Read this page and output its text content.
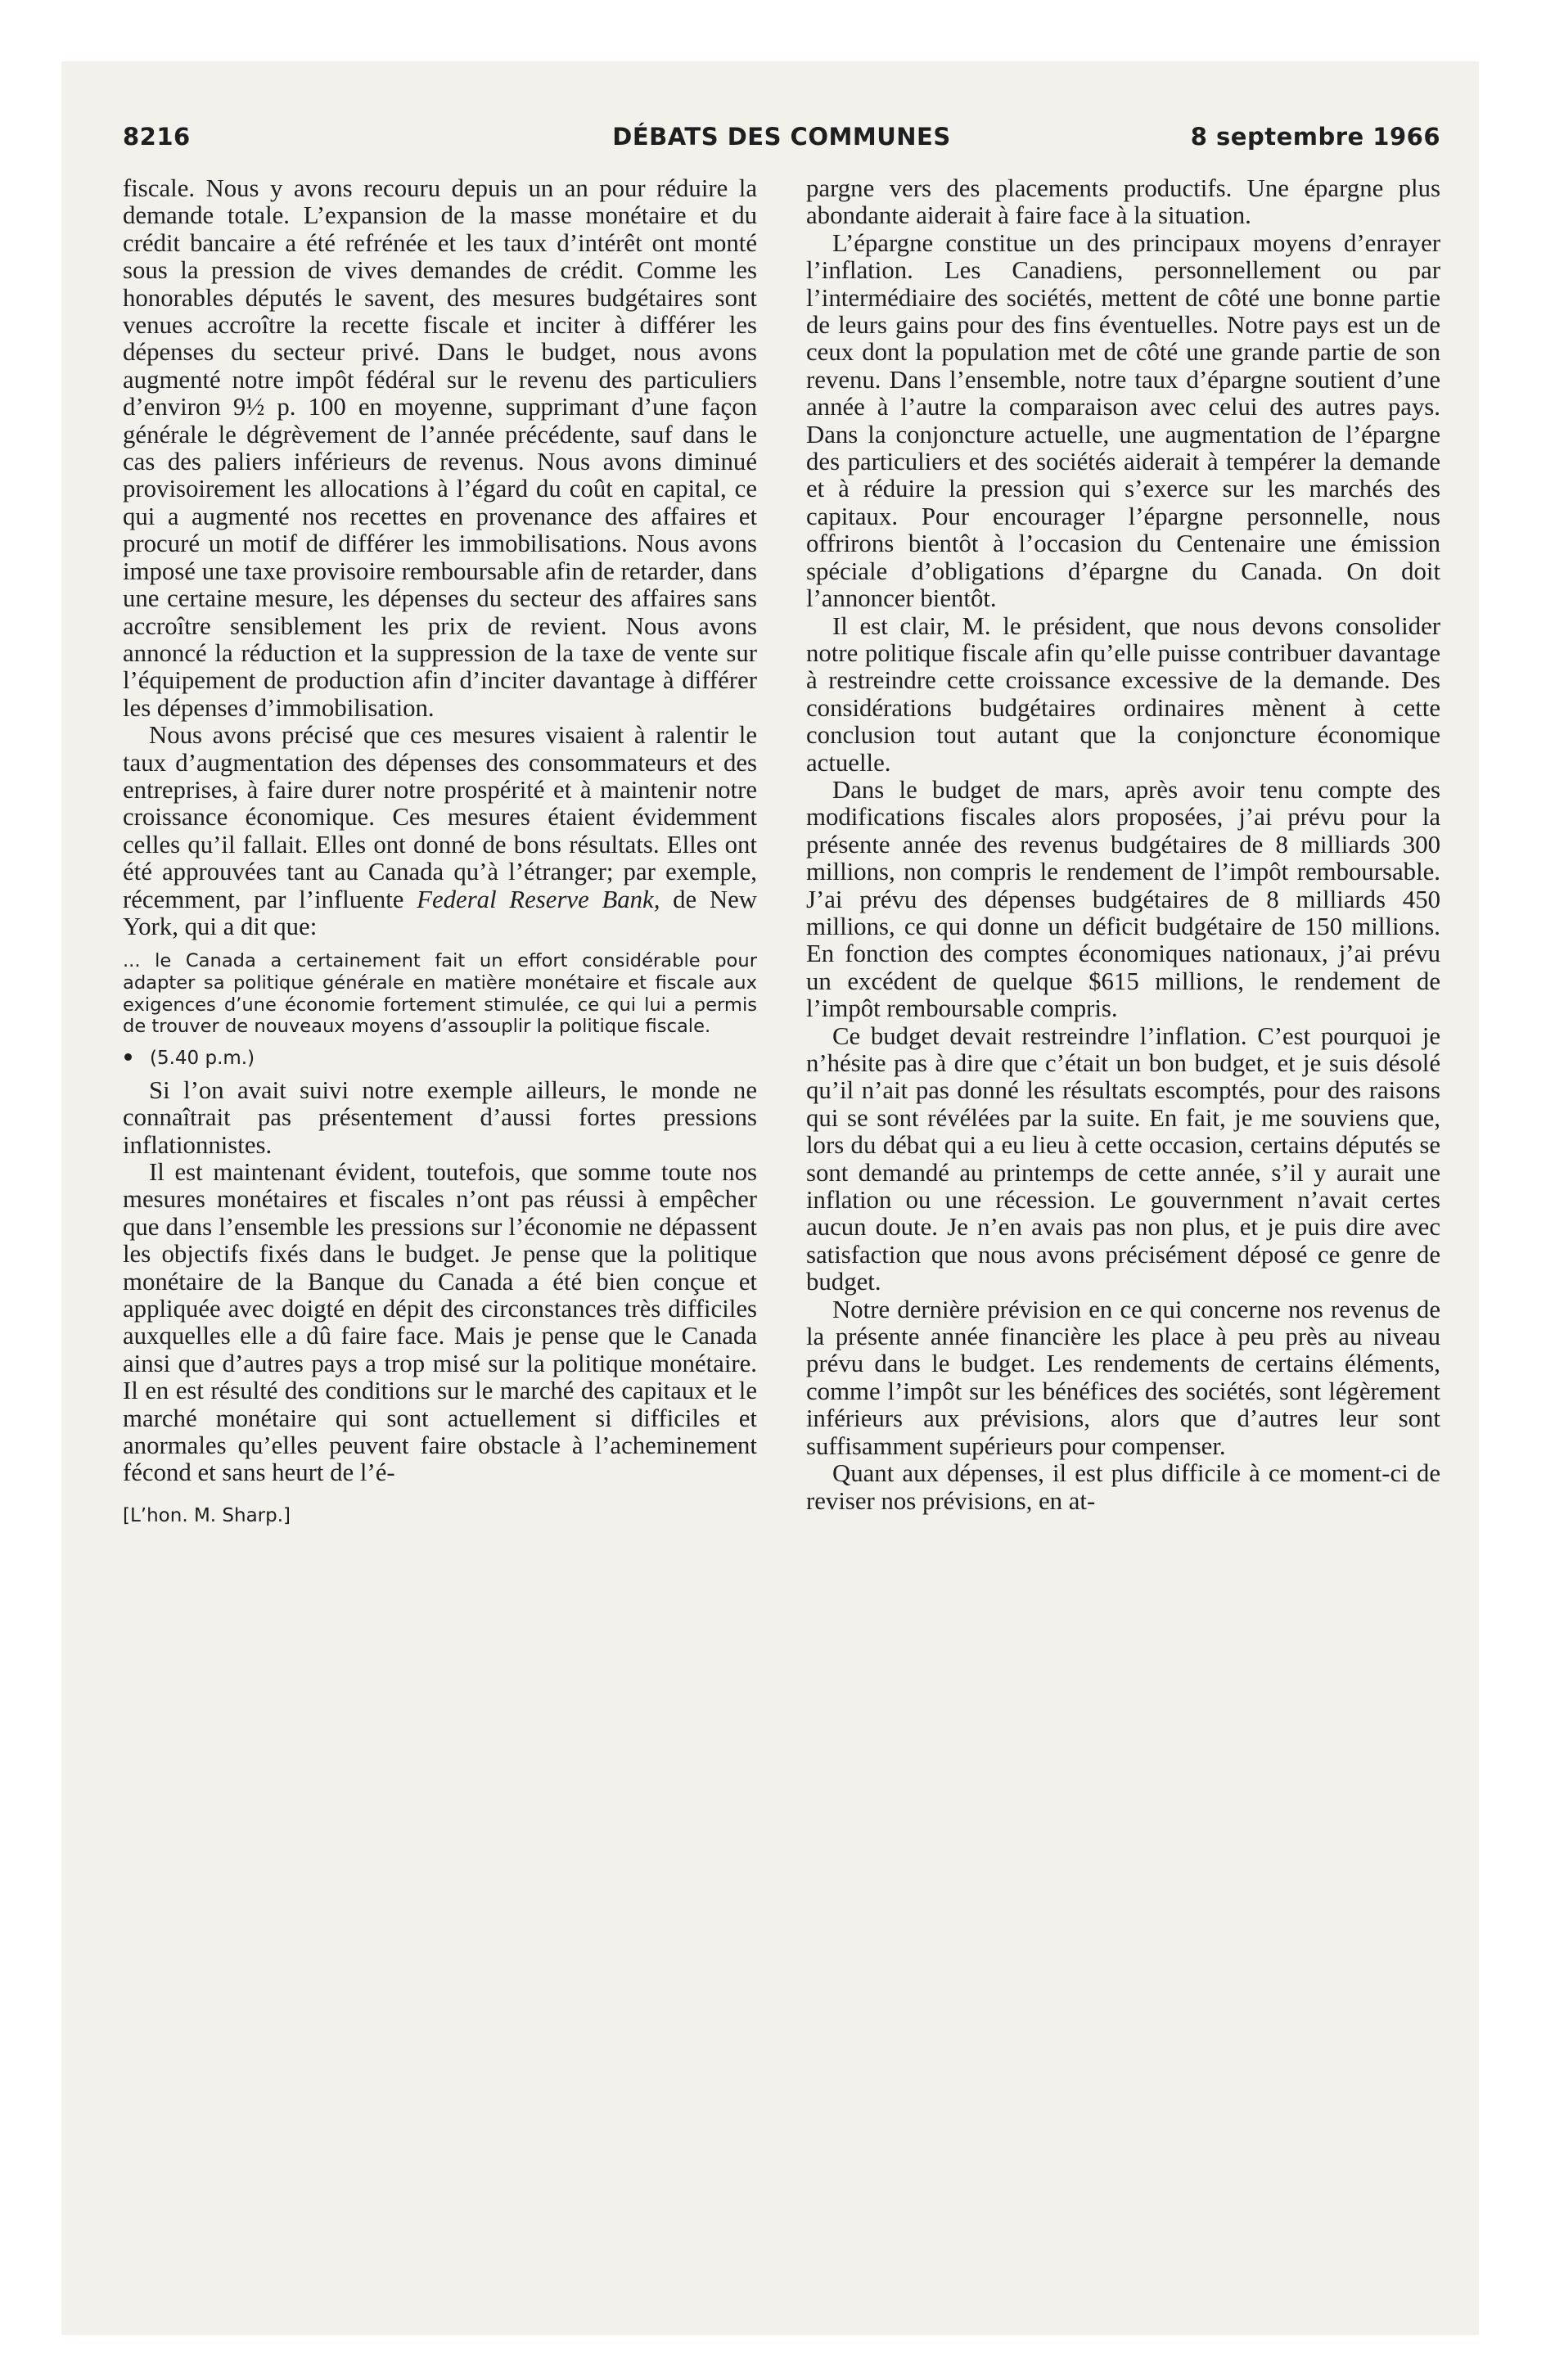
8216	DÉBATS DES COMMUNES	8 septembre 1966

fiscale. Nous y avons recouru depuis un an pour réduire la demande totale. L’expansion de la masse monétaire et du crédit bancaire a été refrénée et les taux d’intérêt ont monté sous la pression de vives demandes de crédit. Comme les honorables députés le savent, des mesures budgétaires sont venues accroître la recette fiscale et inciter à différer les dépenses du secteur privé. Dans le budget, nous avons augmenté notre impôt fédéral sur le revenu des particuliers d’environ 9½ p. 100 en moyenne, supprimant d’une façon générale le dégrèvement de l’année précédente, sauf dans le cas des paliers inférieurs de revenus. Nous avons diminué provisoirement les allocations à l’égard du coût en capital, ce qui a augmenté nos recettes en provenance des affaires et procuré un motif de différer les immobilisations. Nous avons imposé une taxe provisoire remboursable afin de retarder, dans une certaine mesure, les dépenses du secteur des affaires sans accroître sensiblement les prix de revient. Nous avons annoncé la réduction et la suppression de la taxe de vente sur l’équipement de production afin d’inciter davantage à différer les dépenses d’immobilisation.

Nous avons précisé que ces mesures visaient à ralentir le taux d’augmentation des dépenses des consommateurs et des entreprises, à faire durer notre prospérité et à maintenir notre croissance économique. Ces mesures étaient évidemment celles qu’il fallait. Elles ont donné de bons résultats. Elles ont été approuvées tant au Canada qu’à l’étranger; par exemple, récemment, par l’influente Federal Reserve Bank, de New York, qui a dit que:

... le Canada a certainement fait un effort considérable pour adapter sa politique générale en matière monétaire et fiscale aux exigences d’une économie fortement stimulée, ce qui lui a permis de trouver de nouveaux moyens d’assouplir la politique fiscale.
(5.40 p.m.)

Si l’on avait suivi notre exemple ailleurs, le monde ne connaîtrait pas présentement d’aussi fortes pressions inflationnistes.

Il est maintenant évident, toutefois, que somme toute nos mesures monétaires et fiscales n’ont pas réussi à empêcher que dans l’ensemble les pressions sur l’économie ne dépassent les objectifs fixés dans le budget. Je pense que la politique monétaire de la Banque du Canada a été bien conçue et appliquée avec doigté en dépit des circonstances très difficiles auxquelles elle a dû faire face. Mais je pense que le Canada ainsi que d’autres pays a trop misé sur la politique monétaire. Il en est résulté des conditions sur le marché des capitaux et le marché monétaire qui sont actuellement si difficiles et anormales qu’elles peuvent faire obstacle à l’acheminement fécond et sans heurt de l’é-

[L’hon. M. Sharp.]

pargne vers des placements productifs. Une épargne plus abondante aiderait à faire face à la situation.

L’épargne constitue un des principaux moyens d’enrayer l’inflation. Les Canadiens, personnellement ou par l’intermédiaire des sociétés, mettent de côté une bonne partie de leurs gains pour des fins éventuelles. Notre pays est un de ceux dont la population met de côté une grande partie de son revenu. Dans l’ensemble, notre taux d’épargne soutient d’une année à l’autre la comparaison avec celui des autres pays. Dans la conjoncture actuelle, une augmentation de l’épargne des particuliers et des sociétés aiderait à tempérer la demande et à réduire la pression qui s’exerce sur les marchés des capitaux. Pour encourager l’épargne personnelle, nous offrirons bientôt à l’occasion du Centenaire une émission spéciale d’obligations d’épargne du Canada. On doit l’annoncer bientôt.

Il est clair, M. le président, que nous devons consolider notre politique fiscale afin qu’elle puisse contribuer davantage à restreindre cette croissance excessive de la demande. Des considérations budgétaires ordinaires mènent à cette conclusion tout autant que la conjoncture économique actuelle.

Dans le budget de mars, après avoir tenu compte des modifications fiscales alors proposées, j’ai prévu pour la présente année des revenus budgétaires de 8 milliards 300 millions, non compris le rendement de l’impôt remboursable. J’ai prévu des dépenses budgétaires de 8 milliards 450 millions, ce qui donne un déficit budgétaire de 150 millions. En fonction des comptes économiques nationaux, j’ai prévu un excédent de quelque $615 millions, le rendement de l’impôt remboursable compris.

Ce budget devait restreindre l’inflation. C’est pourquoi je n’hésite pas à dire que c’était un bon budget, et je suis désolé qu’il n’ait pas donné les résultats escomptés, pour des raisons qui se sont révélées par la suite. En fait, je me souviens que, lors du débat qui a eu lieu à cette occasion, certains députés se sont demandé au printemps de cette année, s’il y aurait une inflation ou une récession. Le gouvernment n’avait certes aucun doute. Je n’en avais pas non plus, et je puis dire avec satisfaction que nous avons précisément déposé ce genre de budget.

Notre dernière prévision en ce qui concerne nos revenus de la présente année financière les place à peu près au niveau prévu dans le budget. Les rendements de certains éléments, comme l’impôt sur les bénéfices des sociétés, sont légèrement inférieurs aux prévisions, alors que d’autres leur sont suffisamment supérieurs pour compenser.

Quant aux dépenses, il est plus difficile à ce moment-ci de reviser nos prévisions, en at-
